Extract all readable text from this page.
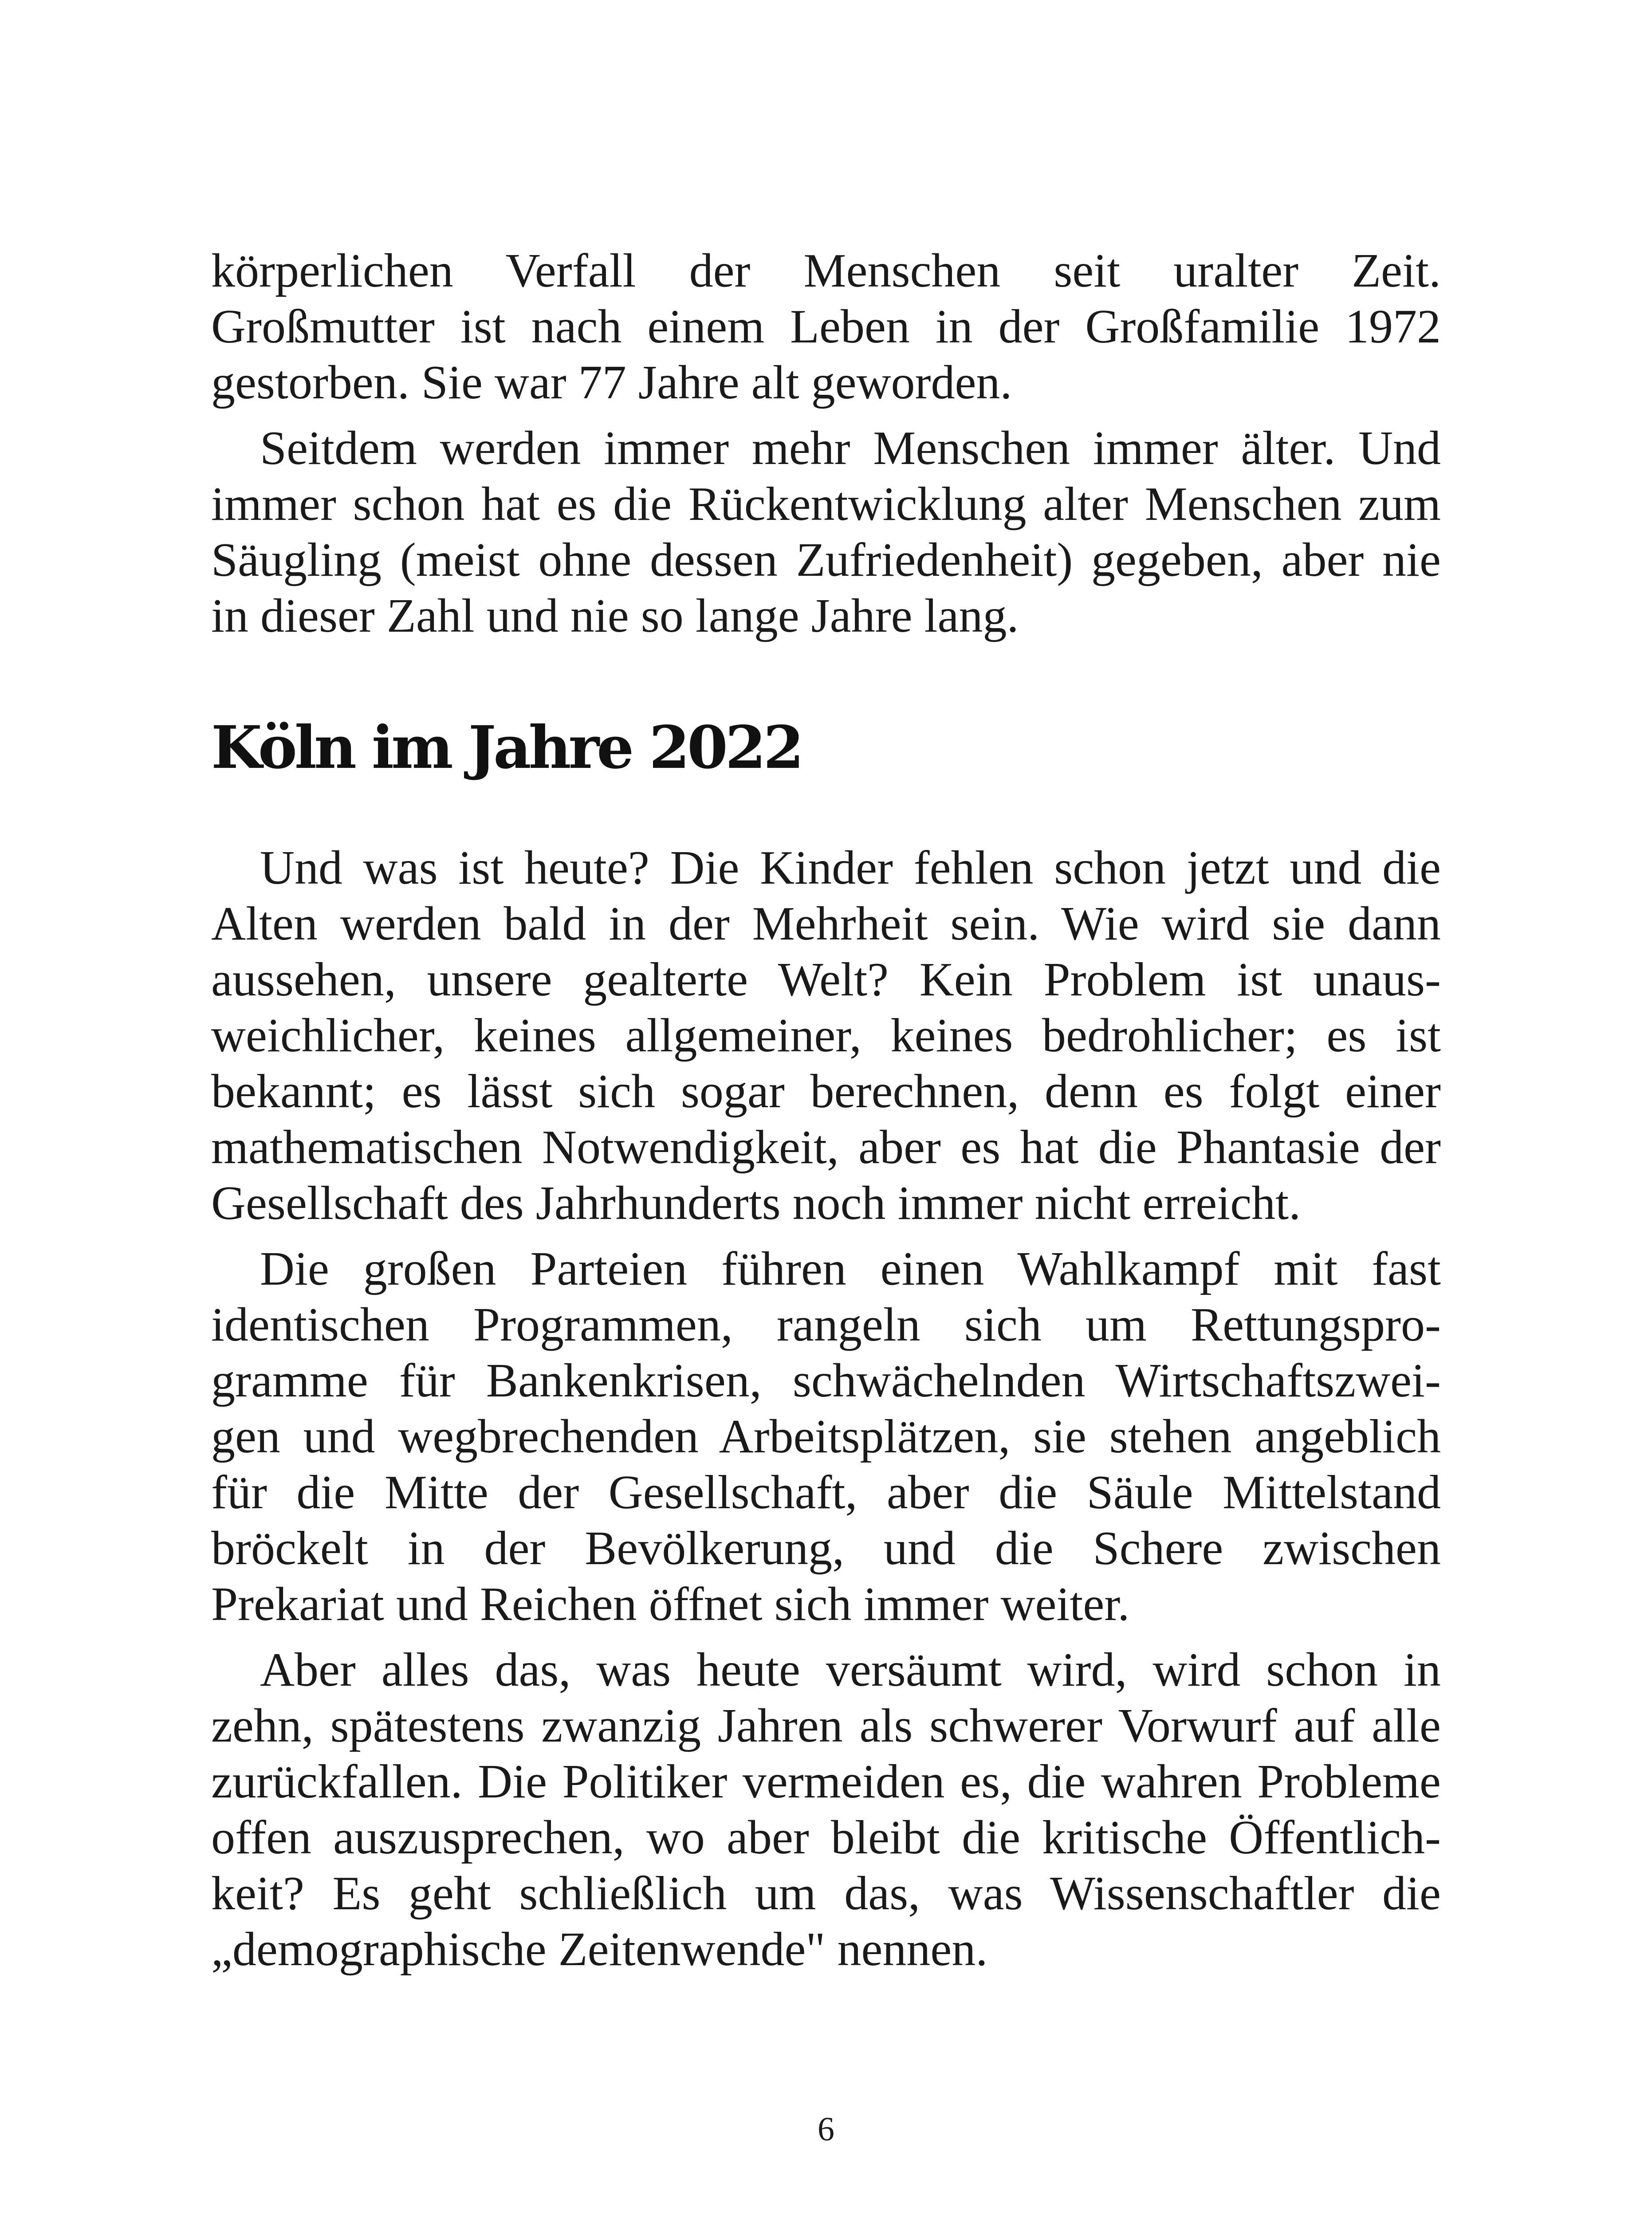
körperlichen Verfall der Menschen seit uralter Zeit.
Großmutter ist nach einem Leben in der Großfamilie 1972
gestorben. Sie war 77 Jahre alt geworden.
Seitdem werden immer mehr Menschen immer älter. Und
immer schon hat es die Rückentwicklung alter Menschen zum
Säugling (meist ohne dessen Zufriedenheit) gegeben, aber nie
in dieser Zahl und nie so lange Jahre lang.
Köln im Jahre 2022
Und was ist heute? Die Kinder fehlen schon jetzt und die
Alten werden bald in der Mehrheit sein. Wie wird sie dann
aussehen, unsere gealterte Welt? Kein Problem ist unaus-
weichlicher, keines allgemeiner, keines bedrohlicher; es ist
bekannt; es lässt sich sogar berechnen, denn es folgt einer
mathematischen Notwendigkeit, aber es hat die Phantasie der
Gesellschaft des Jahrhunderts noch immer nicht erreicht.
Die großen Parteien führen einen Wahlkampf mit fast
identischen Programmen, rangeln sich um Rettungspro-
gramme für Bankenkrisen, schwächelnden Wirtschaftszwei-
gen und wegbrechenden Arbeitsplätzen, sie stehen angeblich
für die Mitte der Gesellschaft, aber die Säule Mittelstand
bröckelt in der Bevölkerung, und die Schere zwischen
Prekariat und Reichen öffnet sich immer weiter.
Aber alles das, was heute versäumt wird, wird schon in
zehn, spätestens zwanzig Jahren als schwerer Vorwurf auf alle
zurückfallen. Die Politiker vermeiden es, die wahren Probleme
offen auszusprechen, wo aber bleibt die kritische Öffentlich-
keit? Es geht schließlich um das, was Wissenschaftler die
„demographische Zeitenwende" nennen.
6
